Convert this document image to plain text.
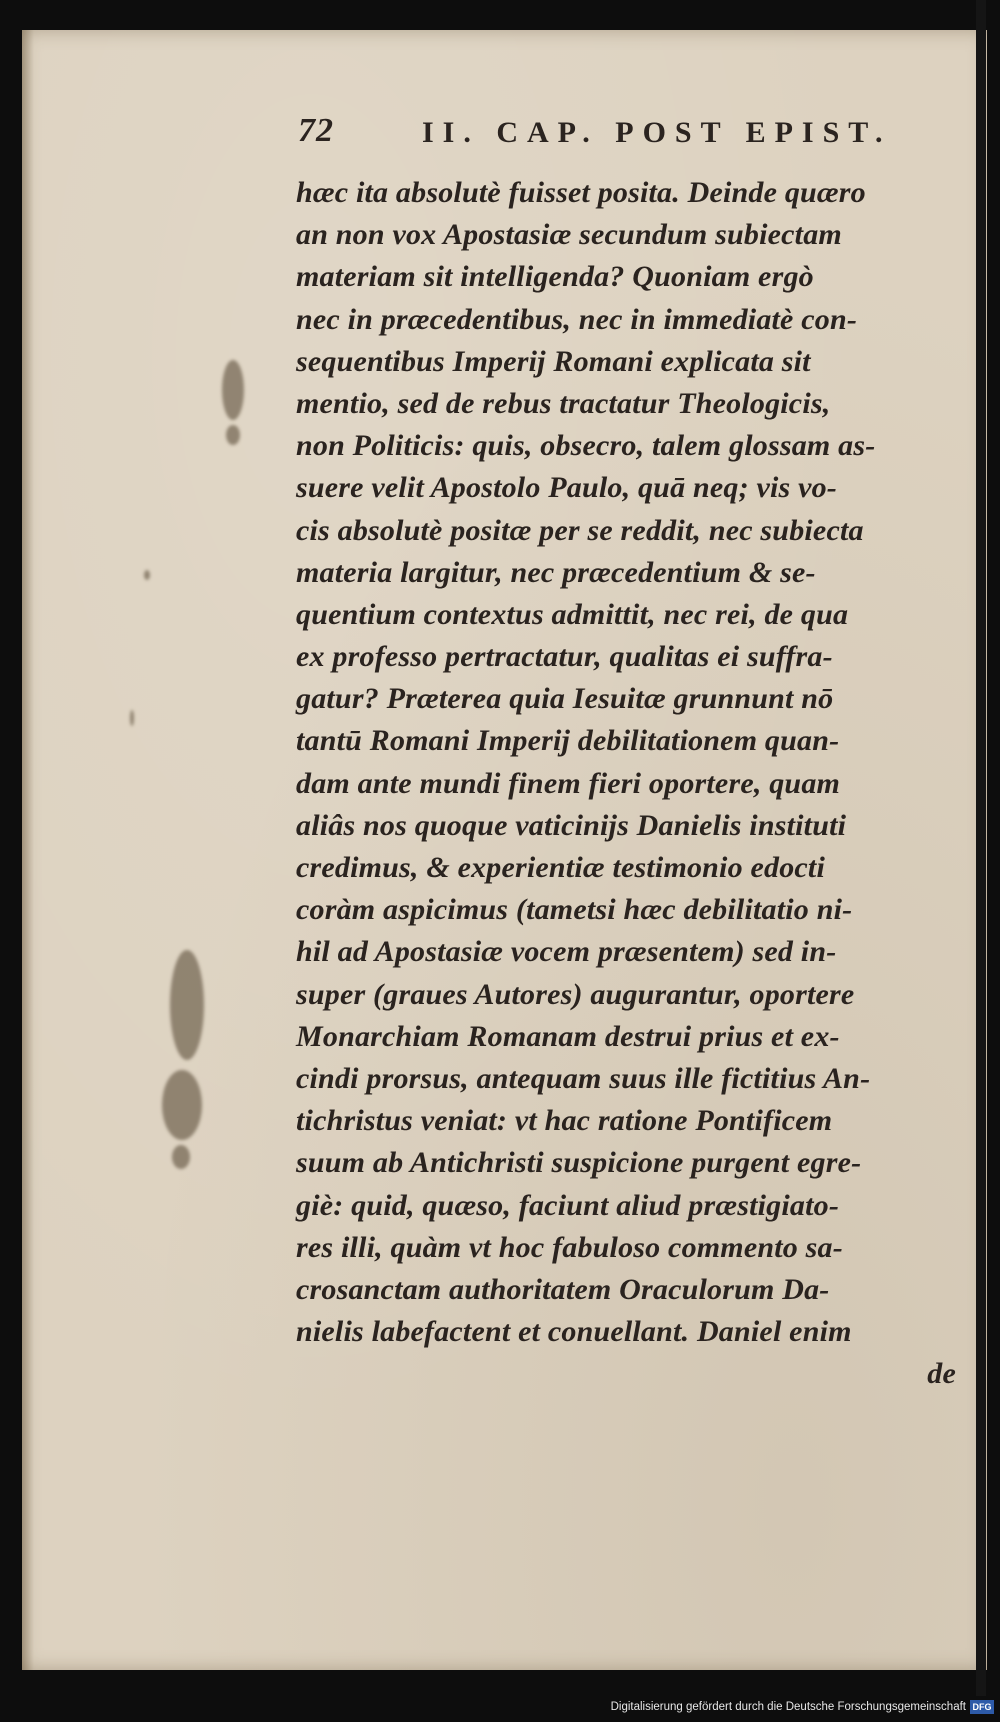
72	II. CAP. POST EPIST.
hæc ita absolutè fuisset posita. Deinde quæro
an non vox Apostasiæ secundum subiectam
materiam sit intelligenda? Quoniam ergò
nec in præcedentibus, nec in immediatè con-
sequentibus Imperij Romani explicata sit
mentio, sed de rebus tractatur Theologicis,
non Politicis: quis, obsecro, talem glossam as-
suere velit Apostolo Paulo, quā neq; vis vo-
cis absolutè positæ per se reddit, nec subiecta
materia largitur, nec præcedentium & se-
quentium contextus admittit, nec rei, de qua
ex professo pertractatur, qualitas ei suffra-
gatur? Præterea quia Iesuitæ grunnunt nō
tantū Romani Imperij debilitationem quan-
dam ante mundi finem fieri oportere, quam
aliâs nos quoque vaticinijs Danielis instituti
credimus, & experientiæ testimonio edocti
coràm aspicimus (tametsi hæc debilitatio ni-
hil ad Apostasiæ vocem præsentem) sed in-
super (graues Autores) augurantur, oportere
Monarchiam Romanam destrui prius et ex-
cindi prorsus, antequam suus ille fictitius An-
tichristus veniat: vt hac ratione Pontificem
suum ab Antichristi suspicione purgent egre-
giè: quid, quæso, faciunt aliud præstigiato-
res illi, quàm vt hoc fabuloso commento sa-
crosanctam authoritatem Oraculorum Da-
nielis labefactent et conuellant. Daniel enim
de
Digitalisierung gefördert durch die Deutsche Forschungsgemeinschaft DFG
